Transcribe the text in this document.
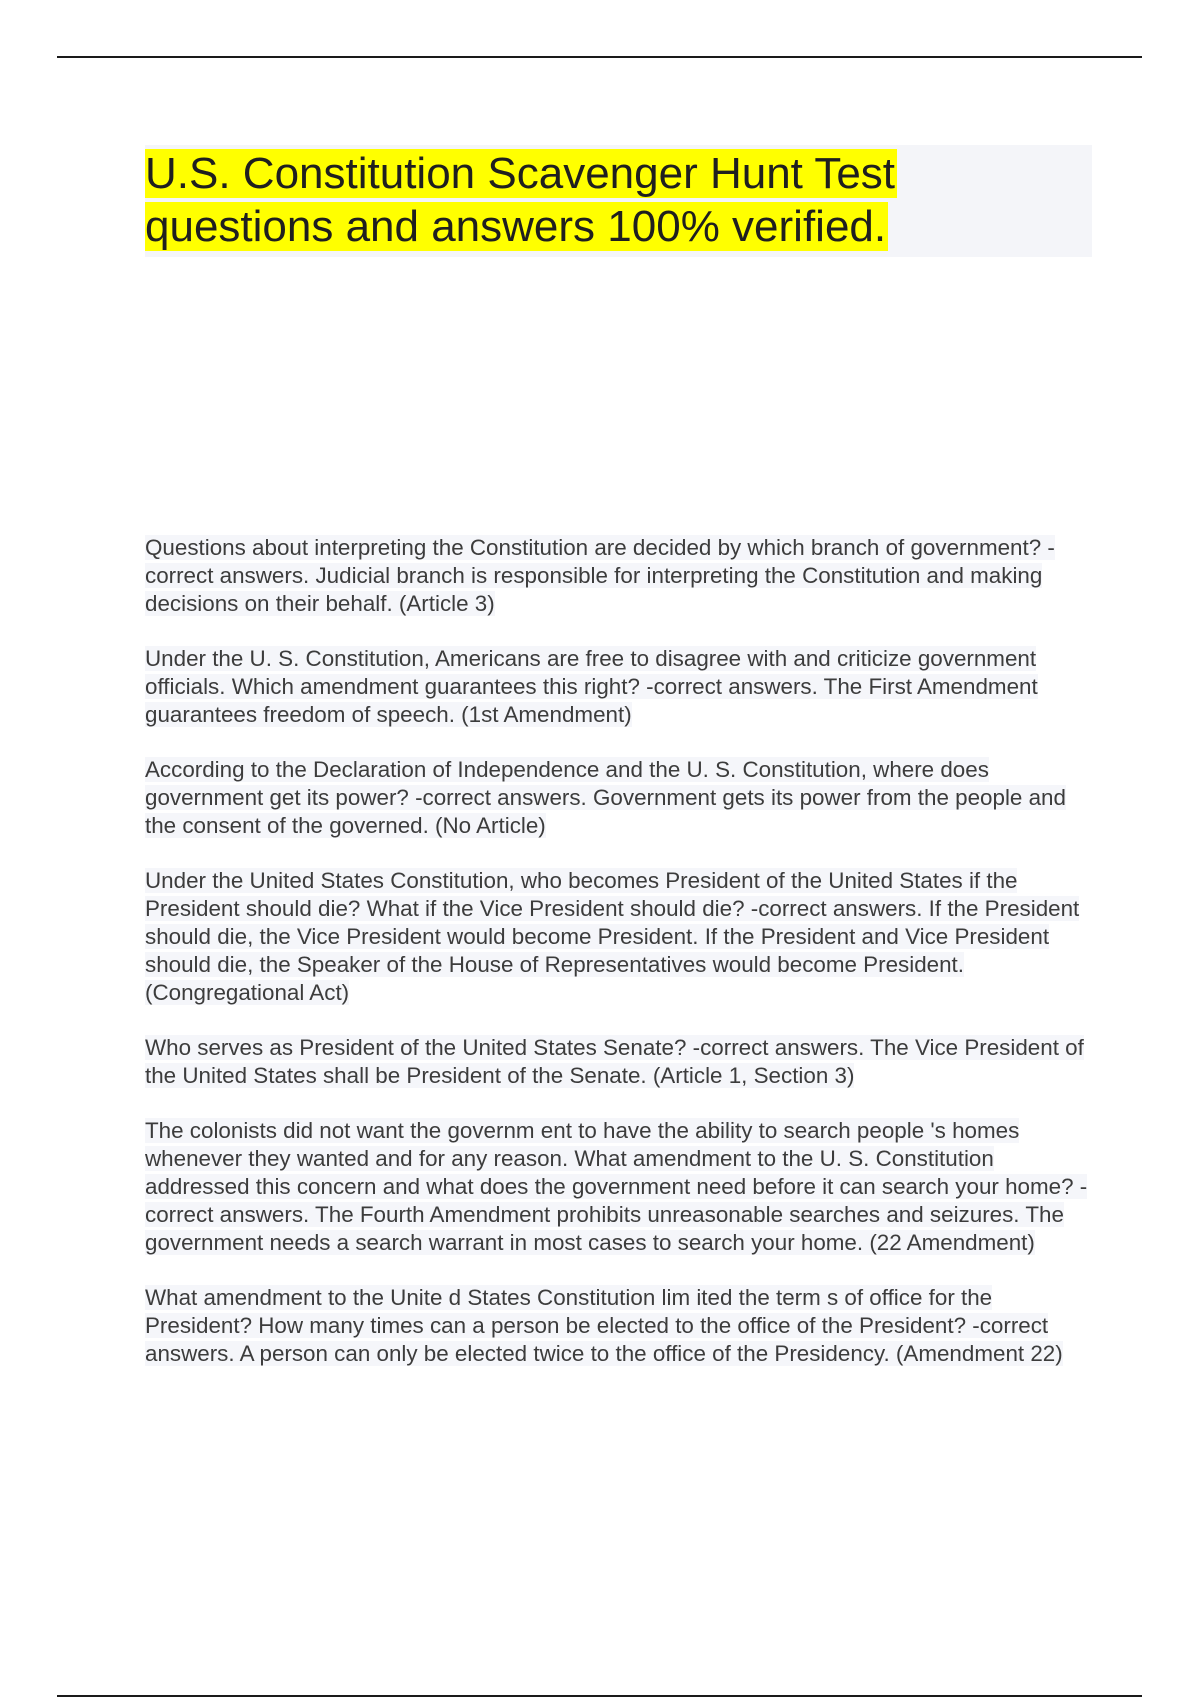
U.S. Constitution Scavenger Hunt Test questions and answers 100% verified.
Questions about interpreting the Constitution are decided by which branch of government? -correct answers. Judicial branch is responsible for interpreting the Constitution and making decisions on their behalf. (Article 3)
Under the U. S. Constitution, Americans are free to disagree with and criticize government officials. Which amendment guarantees this right? -correct answers. The First Amendment guarantees freedom of speech. (1st Amendment)
According to the Declaration of Independence and the U. S. Constitution, where does government get its power? -correct answers. Government gets its power from the people and the consent of the governed. (No Article)
Under the United States Constitution, who becomes President of the United States if the President should die? What if the Vice President should die? -correct answers. If the President should die, the Vice President would become President. If the President and Vice President should die, the Speaker of the House of Representatives would become President. (Congregational Act)
Who serves as President of the United States Senate? -correct answers. The Vice President of the United States shall be President of the Senate. (Article 1, Section 3)
The colonists did not want the governm ent to have the ability to search people 's homes whenever they wanted and for any reason. What amendment to the U. S. Constitution addressed this concern and what does the government need before it can search your home? -correct answers. The Fourth Amendment prohibits unreasonable searches and seizures. The government needs a search warrant in most cases to search your home. (22 Amendment)
What amendment to the Unite d States Constitution lim ited the term s of office for the President? How many times can a person be elected to the office of the President? -correct answers. A person can only be elected twice to the office of the Presidency. (Amendment 22)
